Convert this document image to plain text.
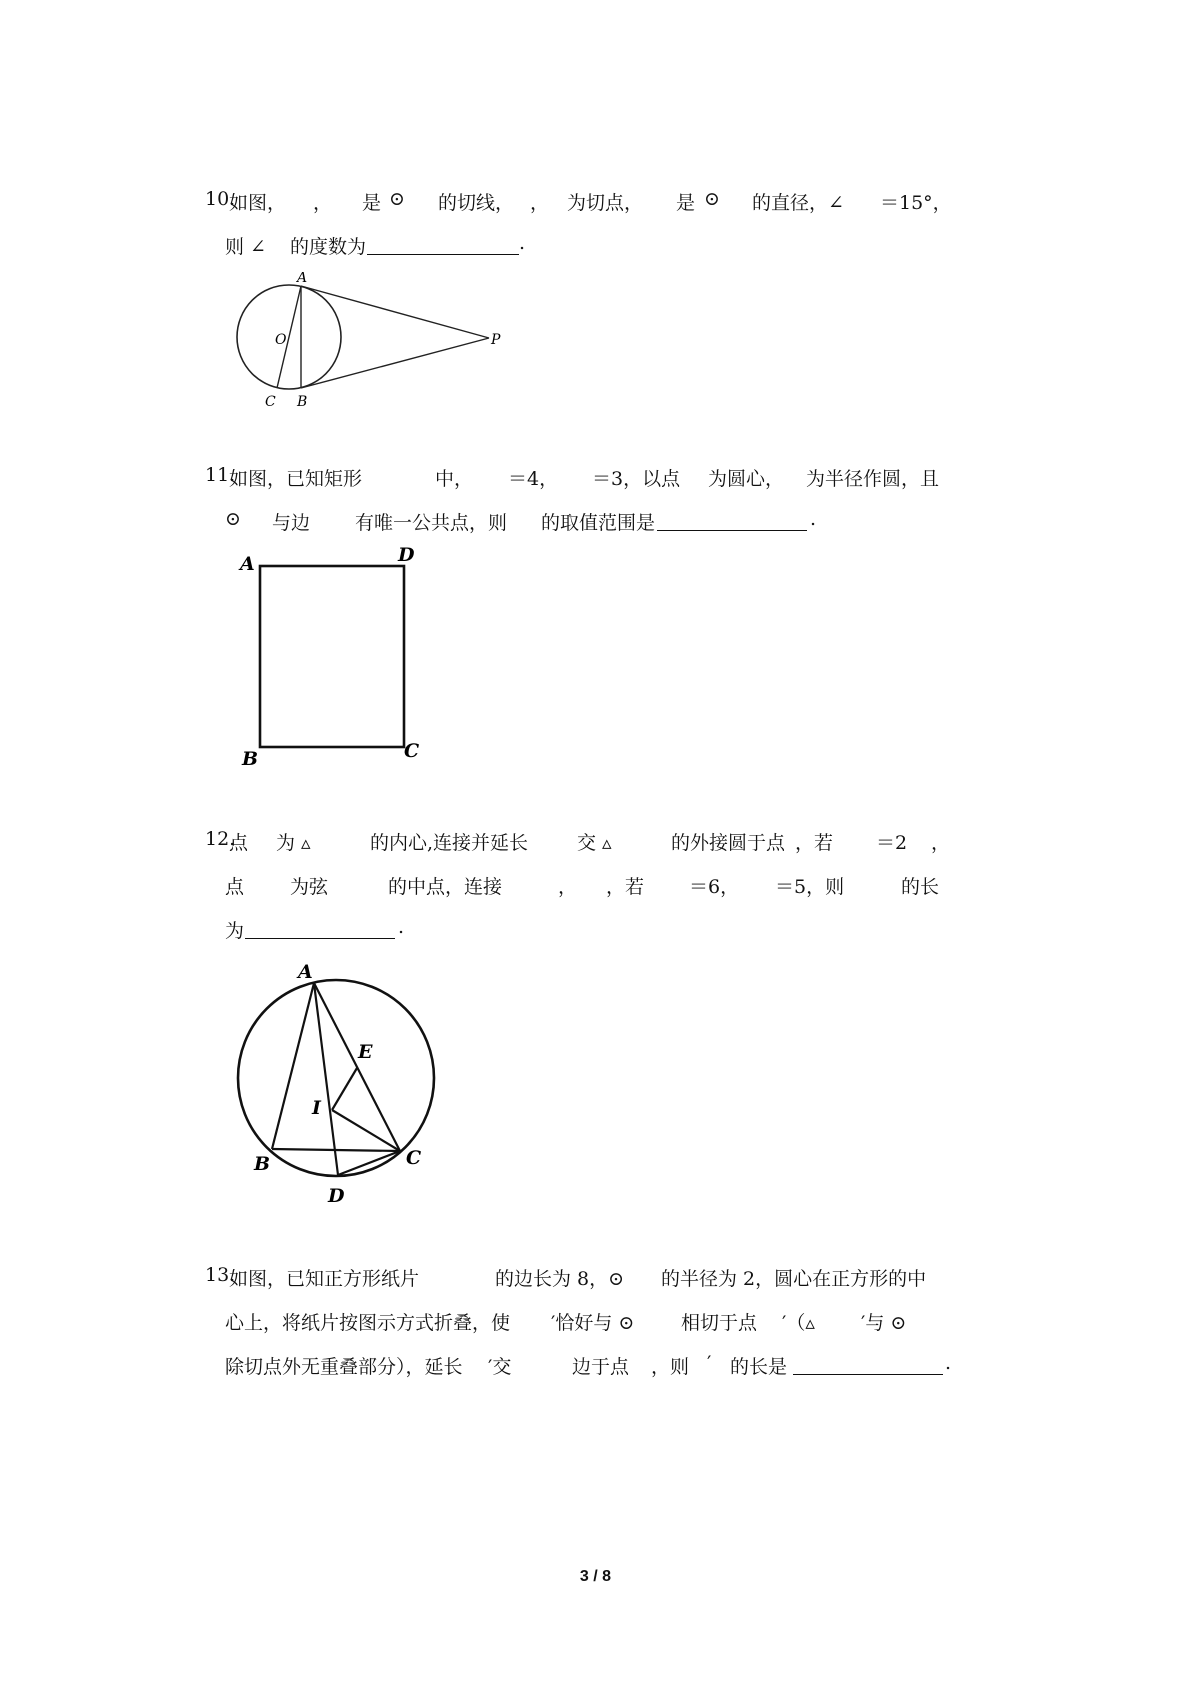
10.
如图， ， 是 ⊙ 的切线， ， 为切点， 是 ⊙ 的直径，∠ ＝15°，
则 ∠ 的度数为	.
A
O	P
C B
11.
如图，已知矩形	中， ＝4， ＝3，以点 为圆心， 为半径作圆，且
⊙ 与边 有唯一公共点，则 的取值范围是	.
A	D
B	C
12.
点 为 ▵	的内心,连接并延长	交 ▵	的外接圆于点 ，若 ＝2 ，
点 为弦	的中点，连接	， ，若 ＝6， ＝5，则	的长
为	.
A
E
I
B	C
D
13.
如图，已知正方形纸片	的边长为 8，⊙ 的半径为 2，圆心在正方形的中
心上，将纸片按图示方式折叠，使 ′恰好与 ⊙ 相切于点 ′（▵ ′与 ⊙
除切点外无重叠部分），延长 ′交	边于点 ，则 ′ 的长是	.
3 / 8
